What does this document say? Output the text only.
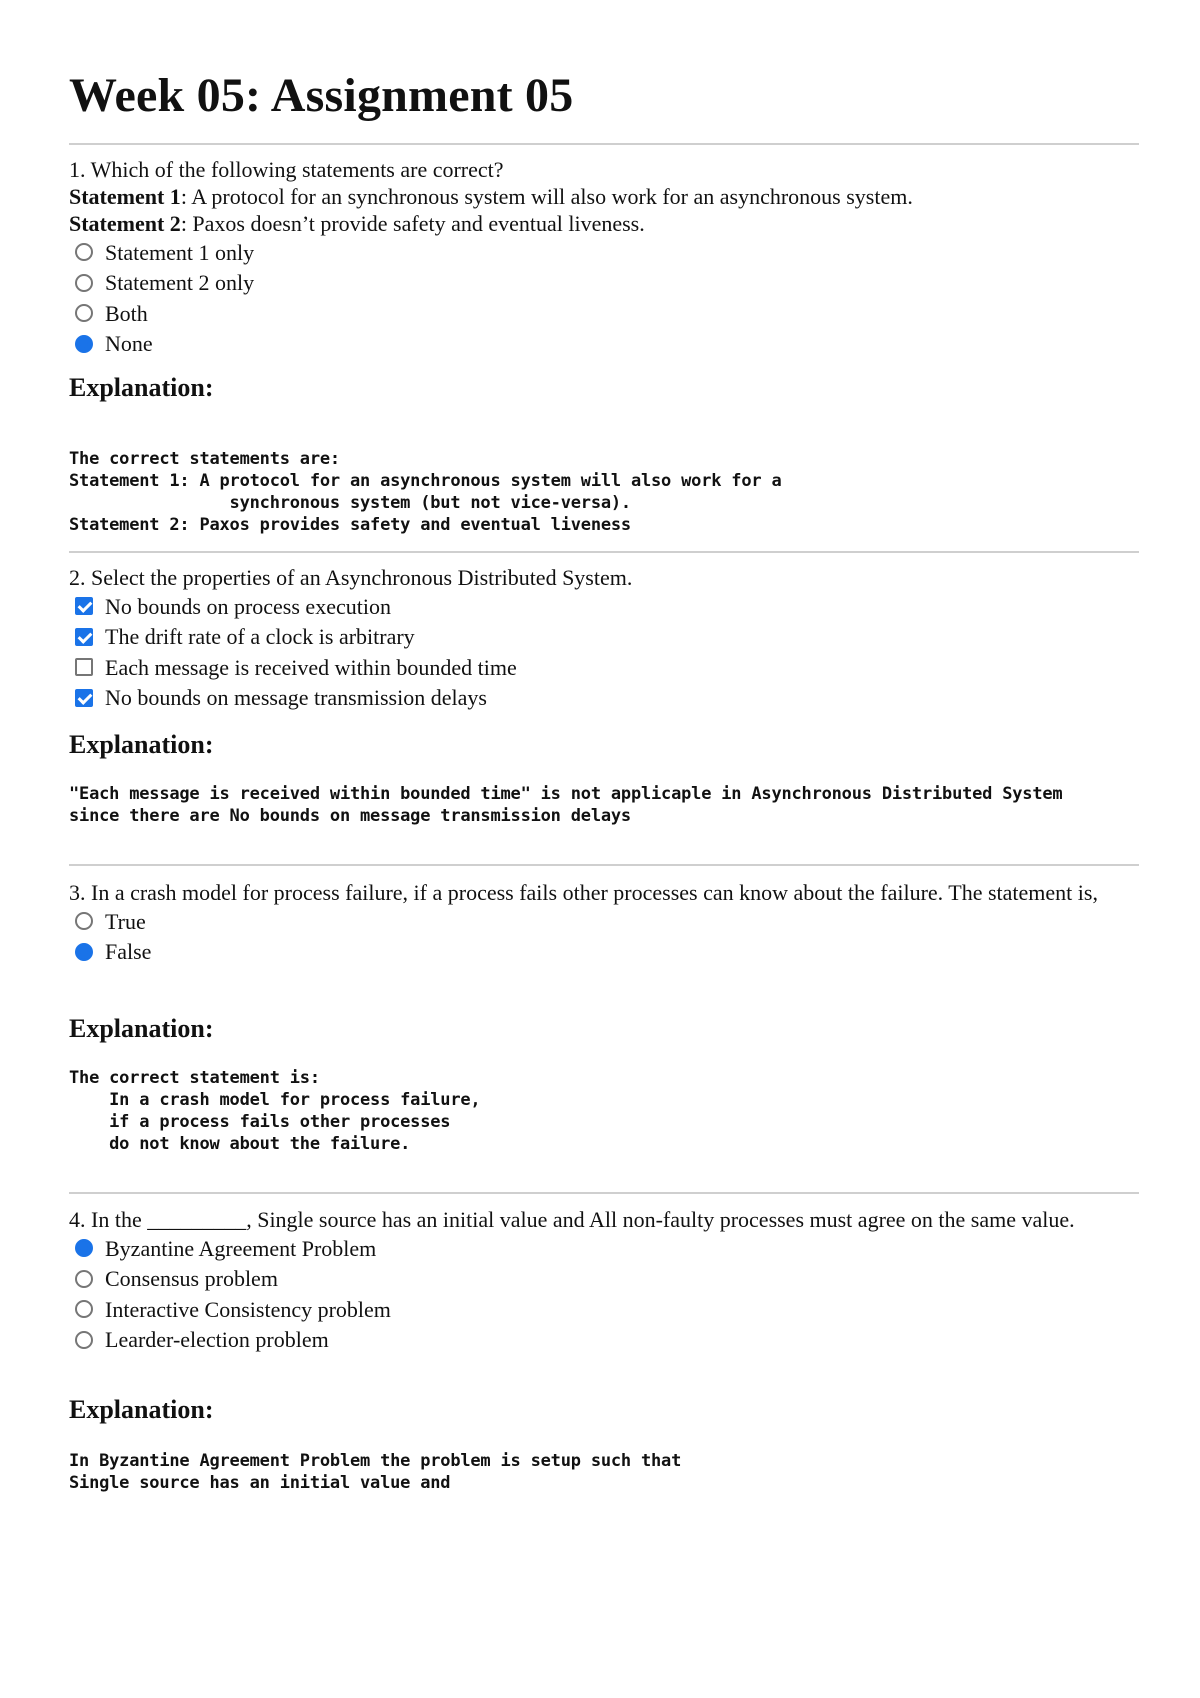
Week 05: Assignment 05

1. Which of the following statements are correct?

Statement 1: A protocol for an synchronous system will also work for an asynchronous system.

Statement 2: Paxos doesn’t provide safety and eventual liveness.

Statement 1 only
Statement 2 only
Both
None
Explanation:
The correct statements are:
Statement 1: A protocol for an asynchronous system will also work for a
synchronous system (but not vice-versa).
Statement 2: Paxos provides safety and eventual liveness

2. Select the properties of an Asynchronous Distributed System.

No bounds on process execution
The drift rate of a clock is arbitrary
Each message is received within bounded time
No bounds on message transmission delays
Explanation:
"Each message is received within bounded time" is not applicaple in Asynchronous Distributed System
since there are No bounds on message transmission delays

3. In a crash model for process failure, if a process fails other processes can know about the failure. The statement is,

True
False
Explanation:
The correct statement is:
In a crash model for process failure,
if a process fails other processes
do not know about the failure.

4. In the _________, Single source has an initial value and All non-faulty processes must agree on the same value.

Byzantine Agreement Problem
Consensus problem
Interactive Consistency problem
Learder-election problem
Explanation:
In Byzantine Agreement Problem the problem is setup such that
Single source has an initial value and
